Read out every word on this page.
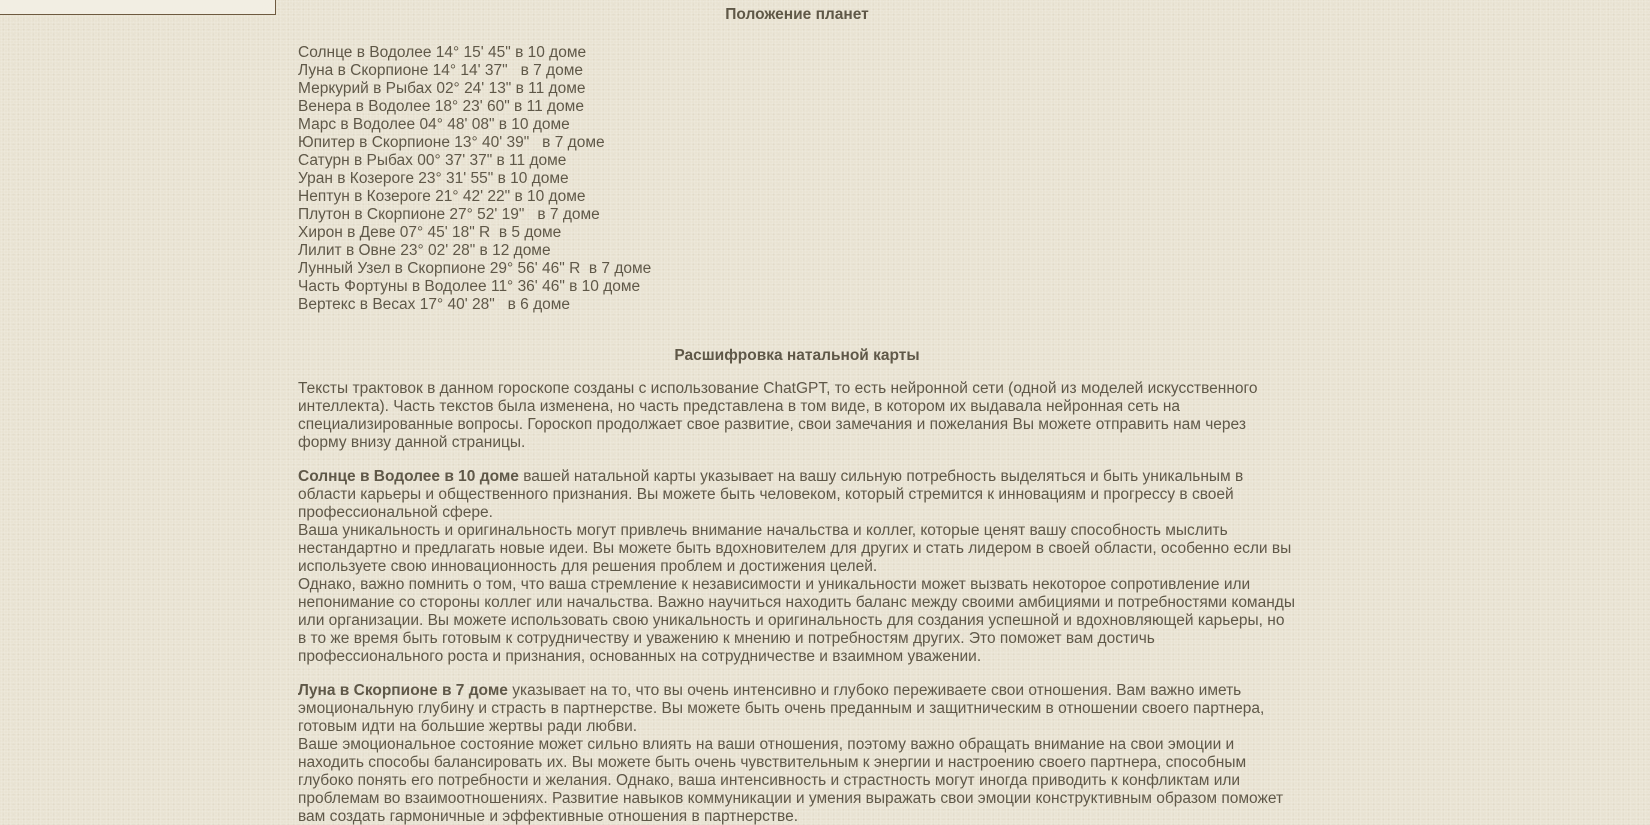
Положение планет
Солнце в Водолее 14° 15' 45" в 10 доме
Луна в Скорпионе 14° 14' 37"   в 7 доме
Меркурий в Рыбах 02° 24' 13" в 11 доме
Венера в Водолее 18° 23' 60" в 11 доме
Марс в Водолее 04° 48' 08" в 10 доме
Юпитер в Скорпионе 13° 40' 39"   в 7 доме
Сатурн в Рыбах 00° 37' 37" в 11 доме
Уран в Козероге 23° 31' 55" в 10 доме
Нептун в Козероге 21° 42' 22" в 10 доме
Плутон в Скорпионе 27° 52' 19"   в 7 доме
Хирон в Деве 07° 45' 18" R  в 5 доме
Лилит в Овне 23° 02' 28" в 12 доме
Лунный Узел в Скорпионе 29° 56' 46" R  в 7 доме
Часть Фортуны в Водолее 11° 36' 46" в 10 доме
Вертекс в Весах 17° 40' 28"   в 6 доме
Расшифровка натальной карты

Тексты трактовок в данном гороскопе созданы с использование ChatGPT, то есть нейронной сети (одной из моделей искусственного интеллекта). Часть текстов была изменена, но часть представлена в том виде, в котором их выдавала нейронная сеть на специализированные вопросы. Гороскоп продолжает свое развитие, свои замечания и пожелания Вы можете отправить нам через форму внизу данной страницы.

Солнце в Водолее в 10 доме вашей натальной карты указывает на вашу сильную потребность выделяться и быть уникальным в области карьеры и общественного признания. Вы можете быть человеком, который стремится к инновациям и прогрессу в своей профессиональной сфере.

Ваша уникальность и оригинальность могут привлечь внимание начальства и коллег, которые ценят вашу способность мыслить нестандартно и предлагать новые идеи. Вы можете быть вдохновителем для других и стать лидером в своей области, особенно если вы используете свою инновационность для решения проблем и достижения целей.

Однако, важно помнить о том, что ваша стремление к независимости и уникальности может вызвать некоторое сопротивление или непонимание со стороны коллег или начальства. Важно научиться находить баланс между своими амбициями и потребностями команды или организации. Вы можете использовать свою уникальность и оригинальность для создания успешной и вдохновляющей карьеры, но в то же время быть готовым к сотрудничеству и уважению к мнению и потребностям других. Это поможет вам достичь профессионального роста и признания, основанных на сотрудничестве и взаимном уважении.

Луна в Скорпионе в 7 доме указывает на то, что вы очень интенсивно и глубоко переживаете свои отношения. Вам важно иметь эмоциональную глубину и страсть в партнерстве. Вы можете быть очень преданным и защитническим в отношении своего партнера, готовым идти на большие жертвы ради любви.

Ваше эмоциональное состояние может сильно влиять на ваши отношения, поэтому важно обращать внимание на свои эмоции и находить способы балансировать их. Вы можете быть очень чувствительным к энергии и настроению своего партнера, способным глубоко понять его потребности и желания. Однако, ваша интенсивность и страстность могут иногда приводить к конфликтам или проблемам во взаимоотношениях. Развитие навыков коммуникации и умения выражать свои эмоции конструктивным образом поможет вам создать гармоничные и эффективные отношения в партнерстве.
